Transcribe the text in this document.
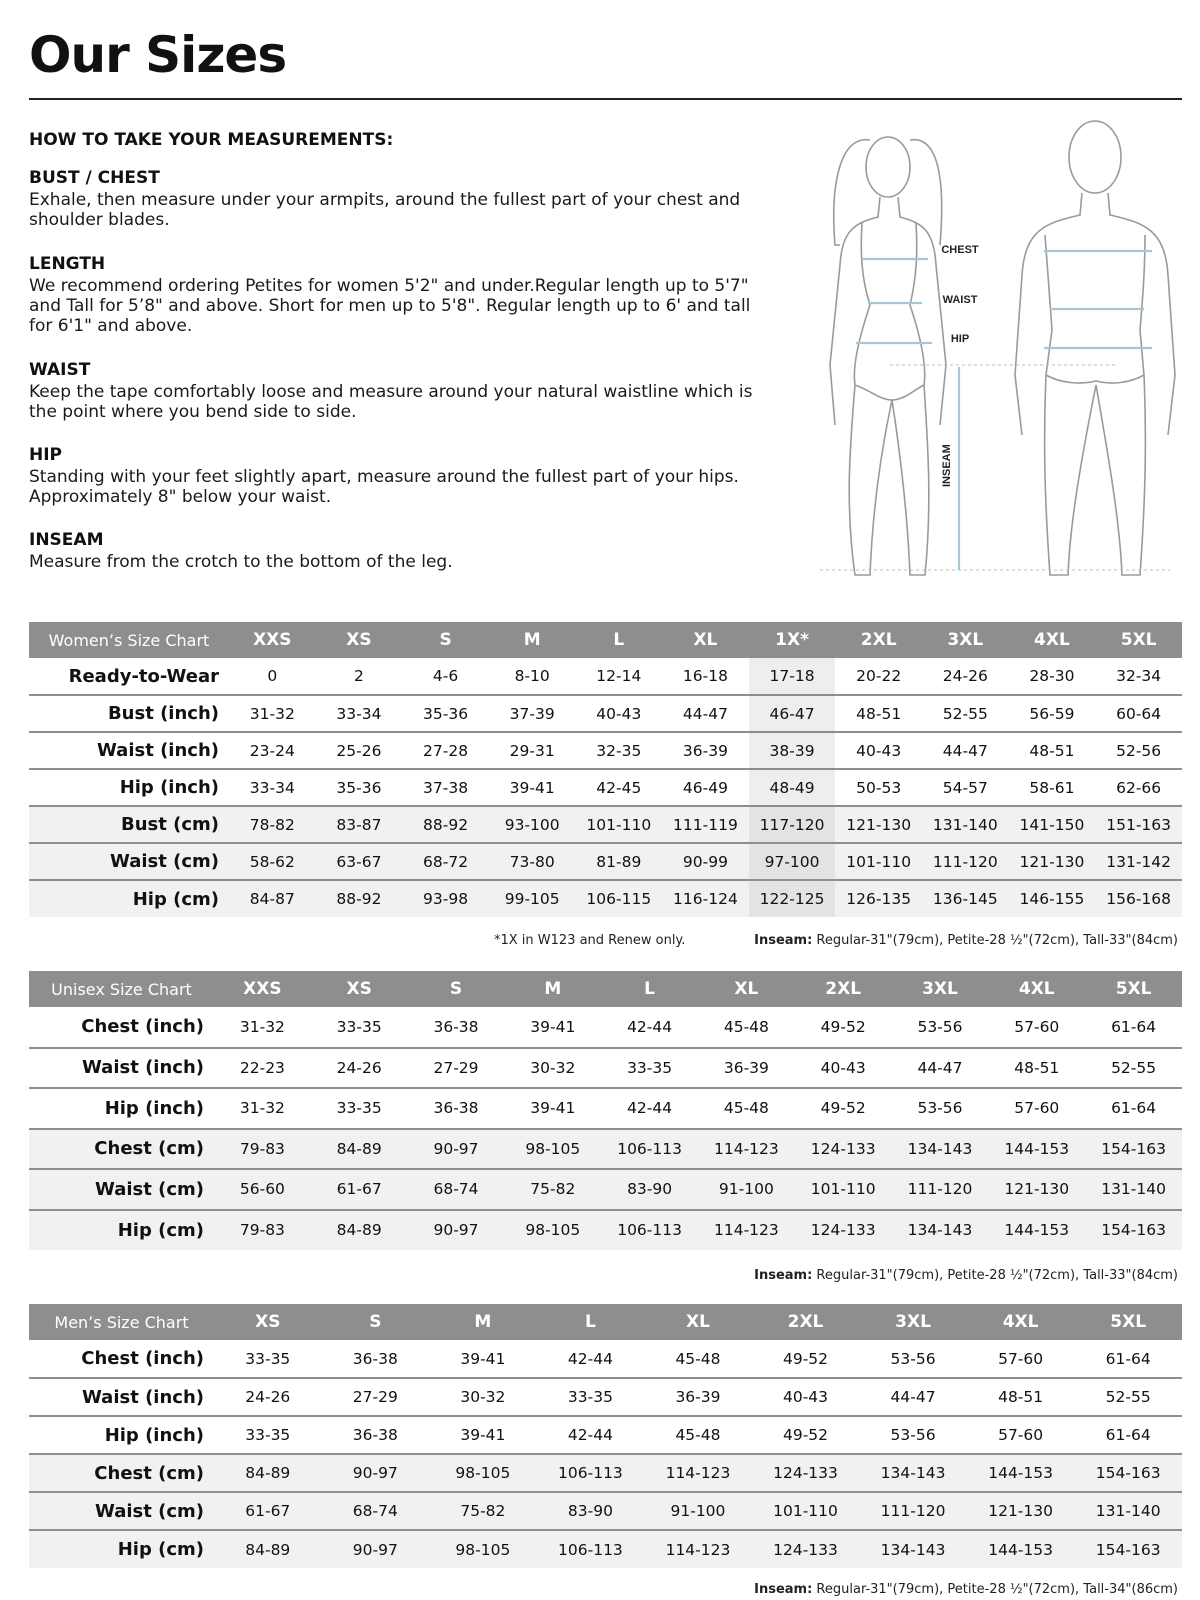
Our Sizes
HOW TO TAKE YOUR MEASUREMENTS:
BUST / CHEST

Exhale, then measure under your armpits, around the fullest part of your chest and shoulder blades.

LENGTH

We recommend ordering Petites for women 5'2" and under.Regular length up to 5'7" and Tall for 5’8" and above. Short for men up to 5'8". Regular length up to 6' and tall for 6'1" and above.

WAIST

Keep the tape comfortably loose and measure around your natural waistline which is the point where you bend side to side.

HIP

Standing with your feet slightly apart, measure around the fullest part of your hips. Approximately 8" below your waist.

INSEAM

Measure from the crotch to the bottom of the leg.

CHEST
WAIST
HIP
INSEAM
Women’s Size Chart	XXS	XS	S	M	L	XL	1X*	2XL	3XL	4XL	5XL
Ready-to-Wear	0	2	4-6	8-10	12-14	16-18	17-18	20-22	24-26	28-30	32-34
Bust (inch)	31-32	33-34	35-36	37-39	40-43	44-47	46-47	48-51	52-55	56-59	60-64
Waist (inch)	23-24	25-26	27-28	29-31	32-35	36-39	38-39	40-43	44-47	48-51	52-56
Hip (inch)	33-34	35-36	37-38	39-41	42-45	46-49	48-49	50-53	54-57	58-61	62-66
Bust (cm)	78-82	83-87	88-92	93-100	101-110	111-119	117-120	121-130	131-140	141-150	151-163
Waist (cm)	58-62	63-67	68-72	73-80	81-89	90-99	97-100	101-110	111-120	121-130	131-142
Hip (cm)	84-87	88-92	93-98	99-105	106-115	116-124	122-125	126-135	136-145	146-155	156-168
*1X in W123 and Renew only.	Inseam: Regular-31"(79cm), Petite-28 ½"(72cm), Tall-33"(84cm)
Unisex Size Chart	XXS	XS	S	M	L	XL	2XL	3XL	4XL	5XL
Chest (inch)	31-32	33-35	36-38	39-41	42-44	45-48	49-52	53-56	57-60	61-64
Waist (inch)	22-23	24-26	27-29	30-32	33-35	36-39	40-43	44-47	48-51	52-55
Hip (inch)	31-32	33-35	36-38	39-41	42-44	45-48	49-52	53-56	57-60	61-64
Chest (cm)	79-83	84-89	90-97	98-105	106-113	114-123	124-133	134-143	144-153	154-163
Waist (cm)	56-60	61-67	68-74	75-82	83-90	91-100	101-110	111-120	121-130	131-140
Hip (cm)	79-83	84-89	90-97	98-105	106-113	114-123	124-133	134-143	144-153	154-163
Inseam: Regular-31"(79cm), Petite-28 ½"(72cm), Tall-33"(84cm)
Men’s Size Chart	XS	S	M	L	XL	2XL	3XL	4XL	5XL
Chest (inch)	33-35	36-38	39-41	42-44	45-48	49-52	53-56	57-60	61-64
Waist (inch)	24-26	27-29	30-32	33-35	36-39	40-43	44-47	48-51	52-55
Hip (inch)	33-35	36-38	39-41	42-44	45-48	49-52	53-56	57-60	61-64
Chest (cm)	84-89	90-97	98-105	106-113	114-123	124-133	134-143	144-153	154-163
Waist (cm)	61-67	68-74	75-82	83-90	91-100	101-110	111-120	121-130	131-140
Hip (cm)	84-89	90-97	98-105	106-113	114-123	124-133	134-143	144-153	154-163
Inseam: Regular-31"(79cm), Petite-28 ½"(72cm), Tall-34"(86cm)
